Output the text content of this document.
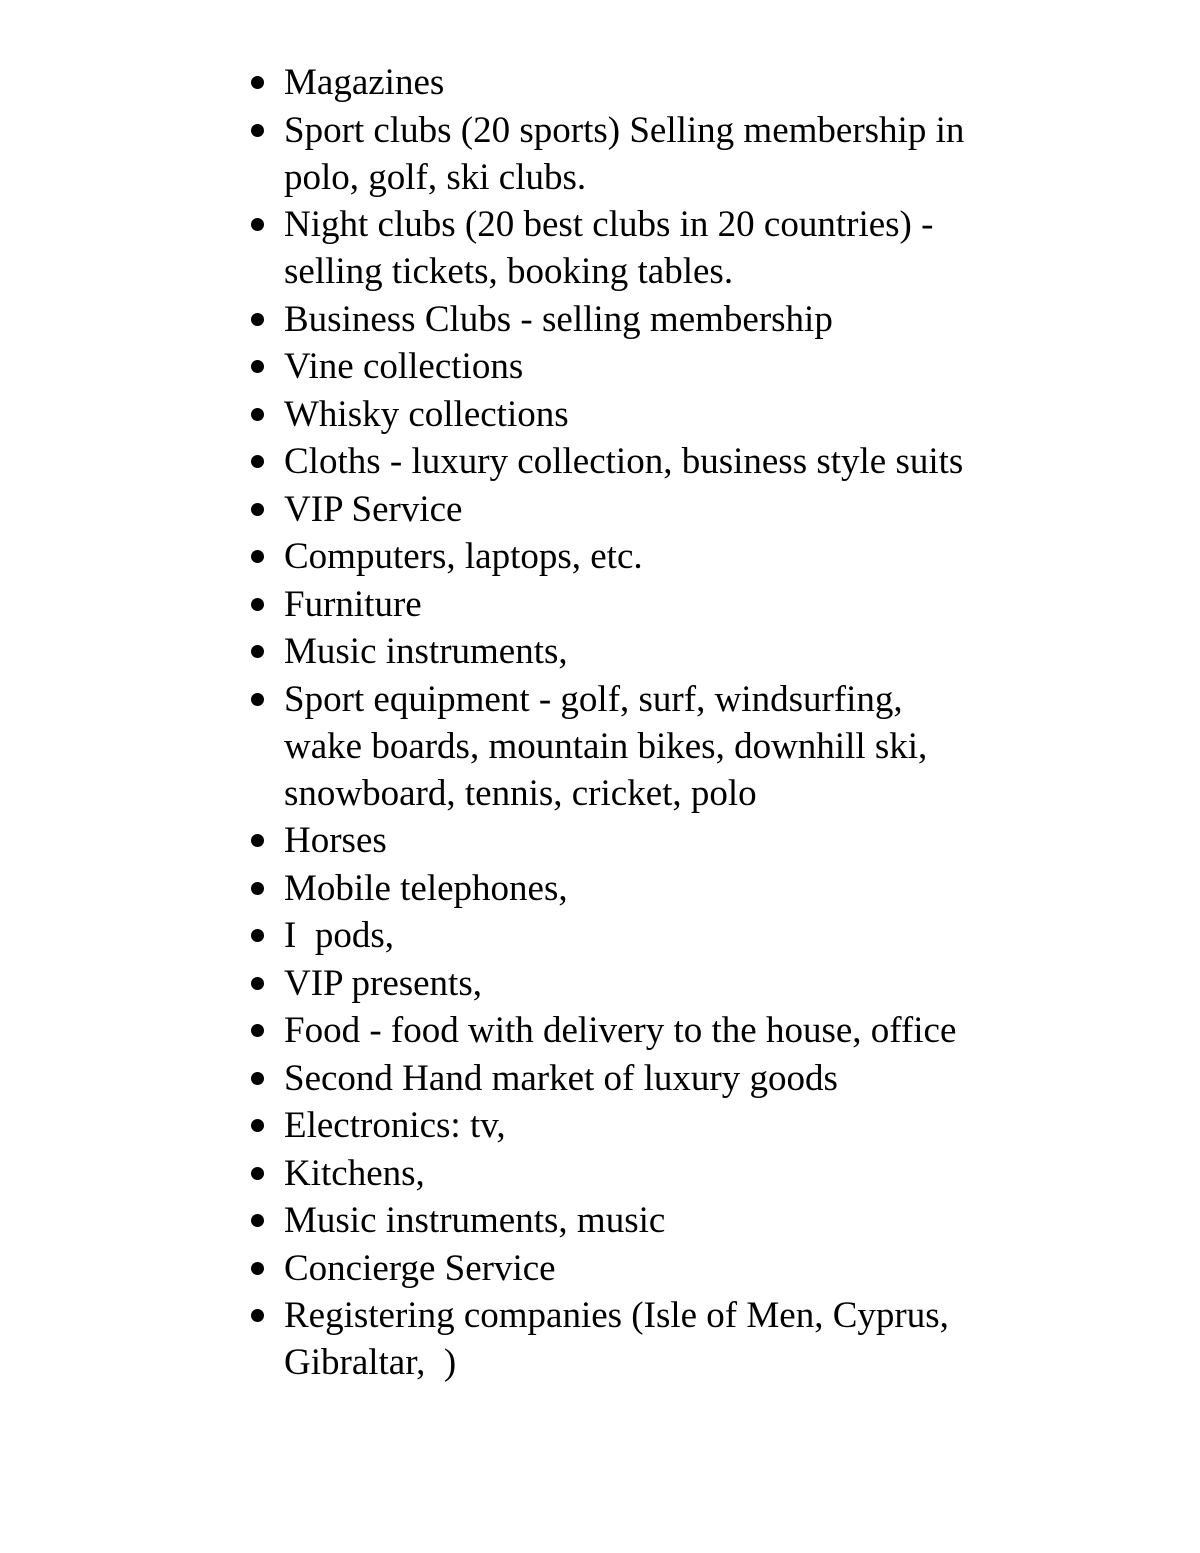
Magazines
Sport clubs (20 sports) Selling membership in
polo, golf, ski clubs.
Night clubs (20 best clubs in 20 countries) -
selling tickets, booking tables.
Business Clubs - selling membership
Vine collections
Whisky collections
Cloths - luxury collection, business style suits
VIP Service
Computers, laptops, etc.
Furniture
Music instruments,
Sport equipment - golf, surf, windsurfing,
wake boards, mountain bikes, downhill ski,
snowboard, tennis, cricket, polo
Horses
Mobile telephones,
I  pods,
VIP presents,
Food - food with delivery to the house, office
Second Hand market of luxury goods
Electronics: tv,
Kitchens,
Music instruments, music
Concierge Service
Registering companies (Isle of Men, Cyprus,
Gibraltar,  )
